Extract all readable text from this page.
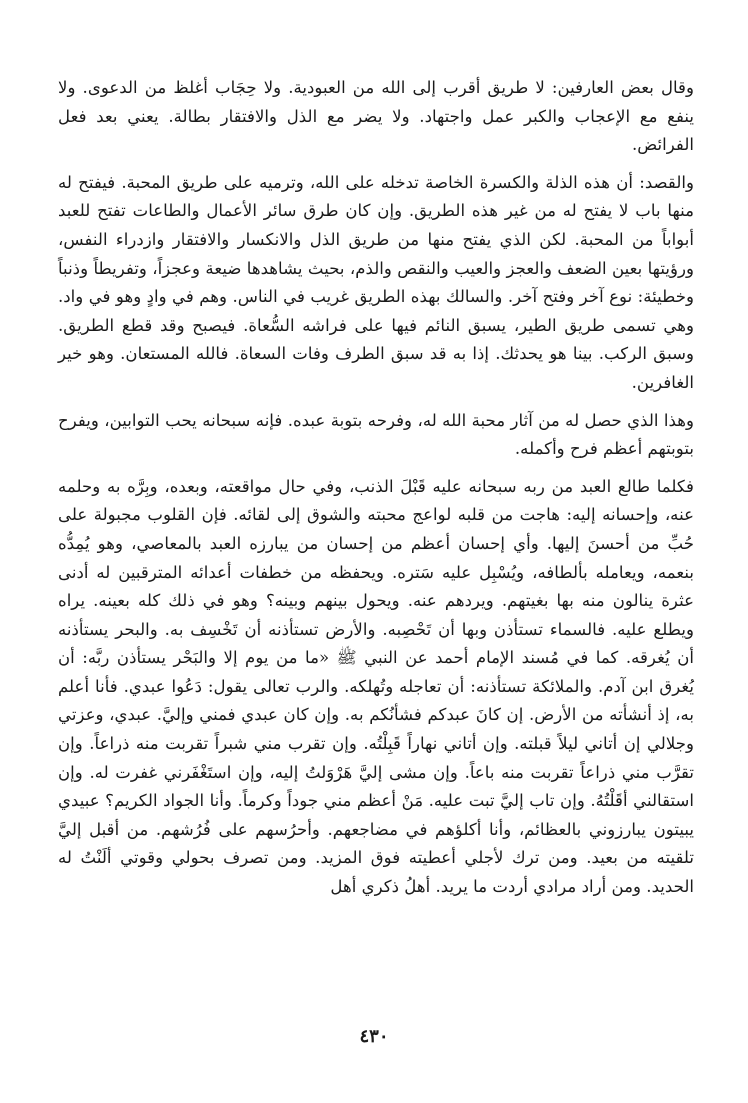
وقال بعض العارفين: لا طريق أقرب إلى الله من العبودية. ولا حِجَاب أغلظ من الدعوى. ولا ينفع مع الإعجاب والكبر عمل واجتهاد. ولا يضر مع الذل والافتقار بطالة. يعني بعد فعل الفرائض.

والقصد: أن هذه الذلة والكسرة الخاصة تدخله على الله، وترميه على طريق المحبة. فيفتح له منها باب لا يفتح له من غير هذه الطريق. وإن كان طرق سائر الأعمال والطاعات تفتح للعبد أبواباً من المحبة. لكن الذي يفتح منها من طريق الذل والانكسار والافتقار وازدراء النفس، ورؤيتها بعين الضعف والعجز والعيب والنقص والذم، بحيث يشاهدها ضيعة وعجزاً، وتفريطاً وذنباً وخطيئة: نوع آخر وفتح آخر. والسالك بهذه الطريق غريب في الناس. وهم في وادٍ وهو في واد. وهي تسمى طريق الطير، يسبق النائم فيها على فراشه السُّعاة. فيصبح وقد قطع الطريق. وسبق الركب. بينا هو يحدثك. إذا به قد سبق الطرف وفات السعاة. فالله المستعان. وهو خير الغافرين.

وهذا الذي حصل له من آثار محبة الله له، وفرحه بتوبة عبده. فإنه سبحانه يحب التوابين، ويفرح بتوبتهم أعظم فرح وأكمله.

فكلما طالع العبد من ربه سبحانه عليه قَبْلَ الذنب، وفي حال مواقعته، وبعده، وبِرَّه به وحلمه عنه، وإحسانه إليه: هاجت من قلبه لواعج محبته والشوق إلى لقائه. فإن القلوب مجبولة على حُبِّ من أحسنَ إليها. وأي إحسان أعظم من إحسان من يبارزه العبد بالمعاصي، وهو يُمِدُّه بنعمه، ويعامله بألطافه، ويُسْبِل عليه سَتره. ويحفظه من خطفات أعدائه المترقبين له أدنى عثرة ينالون منه بها بغيتهم. ويردهم عنه. ويحول بينهم وبينه؟ وهو في ذلك كله بعينه. يراه ويطلع عليه. فالسماء تستأذن وبها أن تَحْصِبه. والأرض تستأذنه أن تَخْسِف به. والبحر يستأذنه أن يُغرقه. كما في مُسند الإمام أحمد عن النبي ﷺ «ما من يوم إلا والبَحْر يستأذن ربَّه: أن يُغرق ابن آدم. والملائكة تستأذنه: أن تعاجله وتُهلكه. والرب تعالى يقول: دَعُوا عبدي. فأنا أعلم به، إذ أنشأته من الأرض. إن كانَ عبدكم فشأنُكم به. وإن كان عبدي فمني وإليَّ. عبدي، وعزتي وجلالي إن أتاني ليلاً قبلته. وإن أتاني نهاراً قَبِلْتُه. وإن تقرب مني شبراً تقربت منه ذراعاً. وإن تقرَّب مني ذراعاً تقربت منه باعاً. وإن مشى إليَّ هَرْوَلتُ إليه، وإن استَغْفَرني غفرت له. وإن استقالني أقَلْتُهُ. وإن تاب إليَّ تبت عليه. مَنْ أعظم مني جوداً وكرماً. وأنا الجواد الكريم؟ عبيدي يبيتون يبارزوني بالعظائم، وأنا أكلؤهم في مضاجعهم. وأحرُسهم على فُرُشهم. من أقبل إليَّ تلقيته من بعيد. ومن ترك لأجلي أعطيته فوق المزيد. ومن تصرف بحولي وقوتي ألَنْتُ له الحديد. ومن أراد مرادي أردت ما يريد. أهلُ ذكري أهل

٤٣٠
